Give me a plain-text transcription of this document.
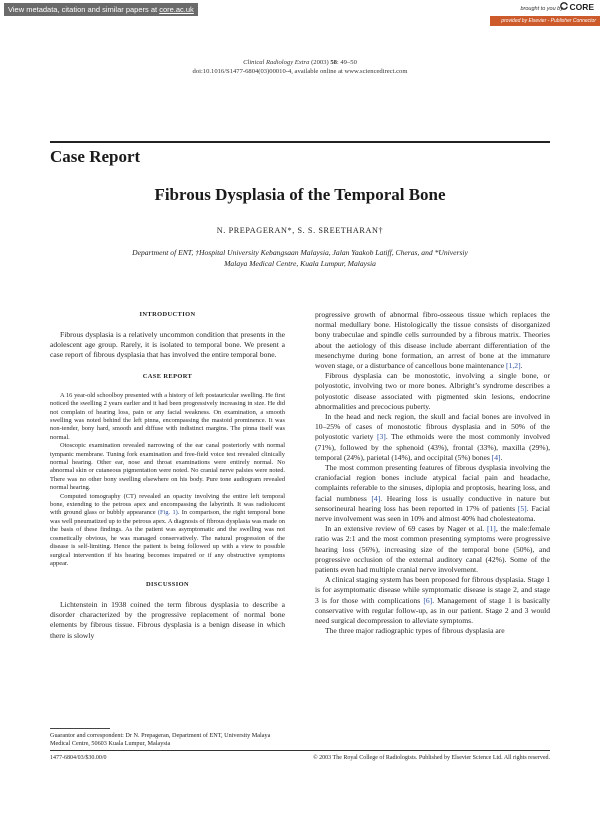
View metadata, citation and similar papers at core.ac.uk	brought to you by CORE
provided by Elsevier - Publisher Connector
Clinical Radiology Extra (2003) 58: 49–50
doi:10.1016/S1477-6804(03)00010-4, available online at www.sciencedirect.com
Case Report
Fibrous Dysplasia of the Temporal Bone
N. PREPAGERAN*, S. S. SREETHARAN†
Department of ENT, †Hospital University Kebangsaan Malaysia, Jalan Yaakob Latiff, Cheras, and *Universiy
Malaya Medical Centre, Kuala Lumpur, Malaysia
INTRODUCTION

Fibrous dysplasia is a relatively uncommon condition that presents in the adolescent age group. Rarely, it is isolated to temporal bone. We present a case report of fibrous dysplasia that has involved the entire temporal bone.

CASE REPORT

A 16 year-old schoolboy presented with a history of left postauricular swelling. He first noticed the swelling 2 years earlier and it had been progressively increasing in size. He did not complain of hearing loss, pain or any facial weakness. On examination, a smooth swelling was noted behind the left pinna, encompassing the mastoid prominence. It was non-tender, bony hard, smooth and diffuse with indistinct margins. The pinna itself was normal.

Otoscopic examination revealed narrowing of the ear canal posteriorly with normal tympanic membrane. Tuning fork examination and free-field voice test revealed clinically normal hearing. Other ear, nose and throat examinations were entirely normal. No abnormal skin or cutaneous pigmentation were noted. No cranial nerve palsies were noted. There was no other bony swelling elsewhere on his body. Pure tone audiogram revealed normal hearing.

Computed tomography (CT) revealed an opacity involving the entire left temporal bone, extending to the petrous apex and encompassing the labyrinth. It was radiolucent with ground glass or bubbly appearance (Fig. 1). In comparison, the right temporal bone was well pneumatized up to the petrous apex. A diagnosis of fibrous dysplasia was made on the basis of these findings. As the patient was asymptomatic and the swelling was not cosmetically obvious, he was managed conservatively. The natural progression of the disease is self-limiting. Hence the patient is being followed up with a view to possible surgical intervention if his hearing becomes impaired or if any obstructive symptoms appear.

DISCUSSION

Lichtenstein in 1938 coined the term fibrous dysplasia to describe a disorder characterized by the progressive replacement of normal bone elements by fibrous tissue. Fibrous dysplasia is a benign disease in which there is slowly

Guarantor and correspondent: Dr N. Prepageran, Department of ENT, University Malaya Medical Centre, 50603 Kuala Lumpur, Malaysia

progressive growth of abnormal fibro-osseous tissue which replaces the normal medullary bone. Histologically the tissue consists of disorganized bony trabeculae and spindle cells surrounded by a fibrous matrix. Theories about the aetiology of this disease include aberrant differentiation of the mesenchyme during bone formation, an arrest of bone at the immature woven stage, or a disturbance of cancellous bone maintenance [1,2].

Fibrous dysplasia can be monostotic, involving a single bone, or polyostotic, involving two or more bones. Albright’s syndrome describes a polyostotic disease associated with pigmented skin lesions, endocrine abnormalities and precocious puberty.

In the head and neck region, the skull and facial bones are involved in 10–25% of cases of monostotic fibrous dysplasia and in 50% of the polyostotic variety [3]. The ethmoids were the most commonly involved (71%), followed by the sphenoid (43%), frontal (33%), maxilla (29%), temporal (24%), parietal (14%), and occipital (5%) bones [4].

The most common presenting features of fibrous dysplasia involving the craniofacial region bones include atypical facial pain and headache, complaints referable to the sinuses, diplopia and proptosis, hearing loss, and facial numbness [4]. Hearing loss is usually conductive in nature but sensorineural hearing loss has been reported in 17% of patients [5]. Facial nerve involvement was seen in 10% and almost 40% had cholesteatoma.

In an extensive review of 69 cases by Nager et al. [1], the male:female ratio was 2:1 and the most common presenting symptoms were progressive hearing loss (56%), increasing size of the temporal bone (50%), and progressive occlusion of the external auditory canal (42%). Some of the patients even had multiple cranial nerve involvement.

A clinical staging system has been proposed for fibrous dysplasia. Stage 1 is for asymptomatic disease while symptomatic disease is stage 2, and stage 3 is for those with complications [6]. Management of stage 1 is basically conservative with regular follow-up, as in our patient. Stage 2 and 3 would need surgical decompression to alleviate symptoms.

The three major radiographic types of fibrous dysplasia are

1477-6804/03/$30.00/0	© 2003 The Royal College of Radiologists. Published by Elsevier Science Ltd. All rights reserved.
